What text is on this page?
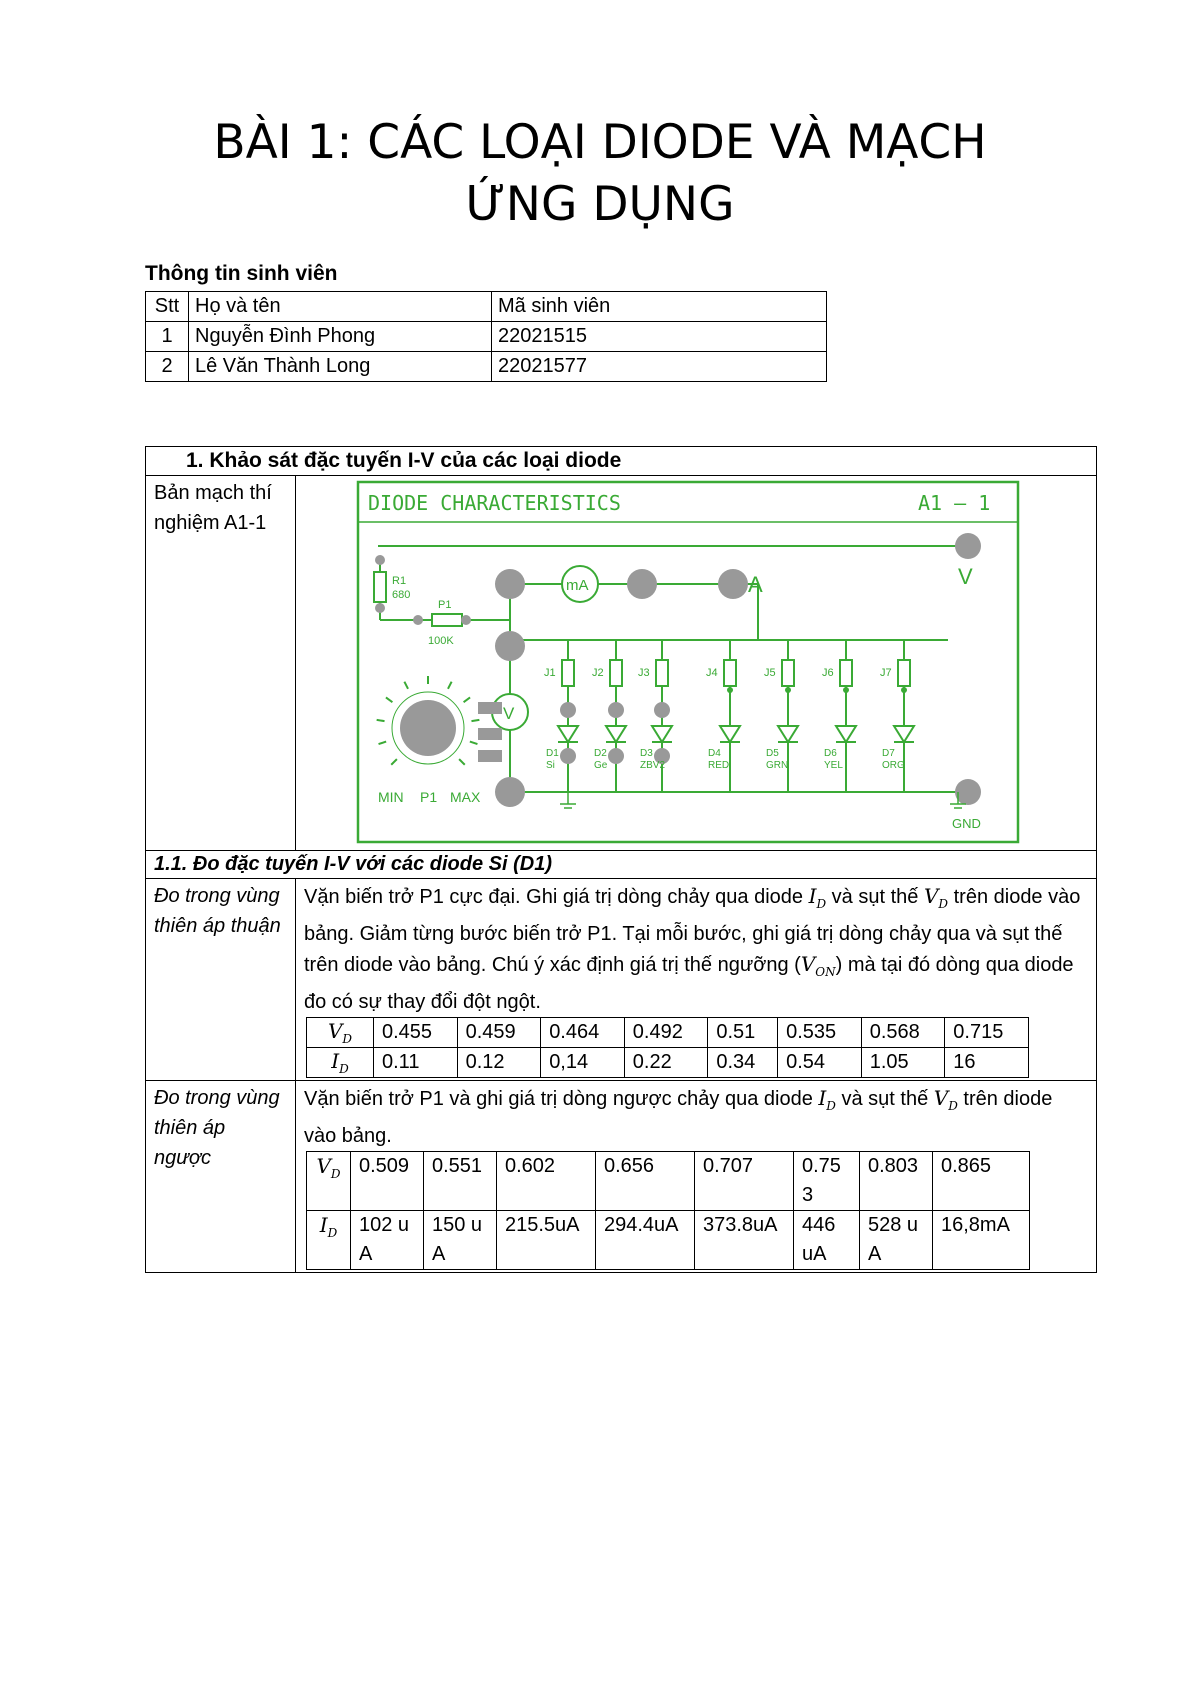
BÀI 1: CÁC LOẠI DIODE VÀ MẠCH
ỨNG DỤNG
Thông tin sinh viên
Stt	Họ và tên	Mã sinh viên
1	Nguyễn Đình Phong	22021515
2	Lê Văn Thành Long	22021577
1. Khảo sát đặc tuyến I-V của các loại diode
Bản mạch thí nghiệm A1-1	
DIODE CHARACTERISTICS	A1 – 1
R1
680
P1
100K
mA	A	V
GND
V
MIN P1 MAX
J1
D1
Si
J2
D2
Ge
J3
D3
ZBV2
J4
D4
RED
J5
D5
GRN
J6
D6
YEL
J7
D7
ORG

1.1. Đo đặc tuyến I-V với các diode Si (D1)
Đo trong vùng thiên áp thuận	

Vặn biến trở P1 cực đại. Ghi giá trị dòng chảy qua diode $I_D$ và sụt thế $V_D$ trên diode vào bảng. Giảm từng bước biến trở P1. Tại mỗi bước, ghi giá trị dòng chảy qua và sụt thế trên diode vào bảng. Chú ý xác định giá trị thế ngưỡng $(V_{ON})$ mà tại đó dòng qua diode đo có sự thay đổi đột ngột.

$V_D$	0.455	0.459	0.464	0.492	0.51	0.535	0.568	0.715
$I_D$	0.11	0.12	0,14	0.22	0.34	0.54	1.05	16

Đo trong vùng thiên áp ngược	

Vặn biến trở P1 và ghi giá trị dòng ngược chảy qua diode $I_D$ và sụt thế $V_D$ trên diode vào bảng.

$V_D$	0.509	0.551	0.602	0.656	0.707	0.753	0.803	0.865
$I_D$	102 uA	150 uA	215.5uA	294.4uA	373.8uA	446 uA	528 uA	16,8mA
